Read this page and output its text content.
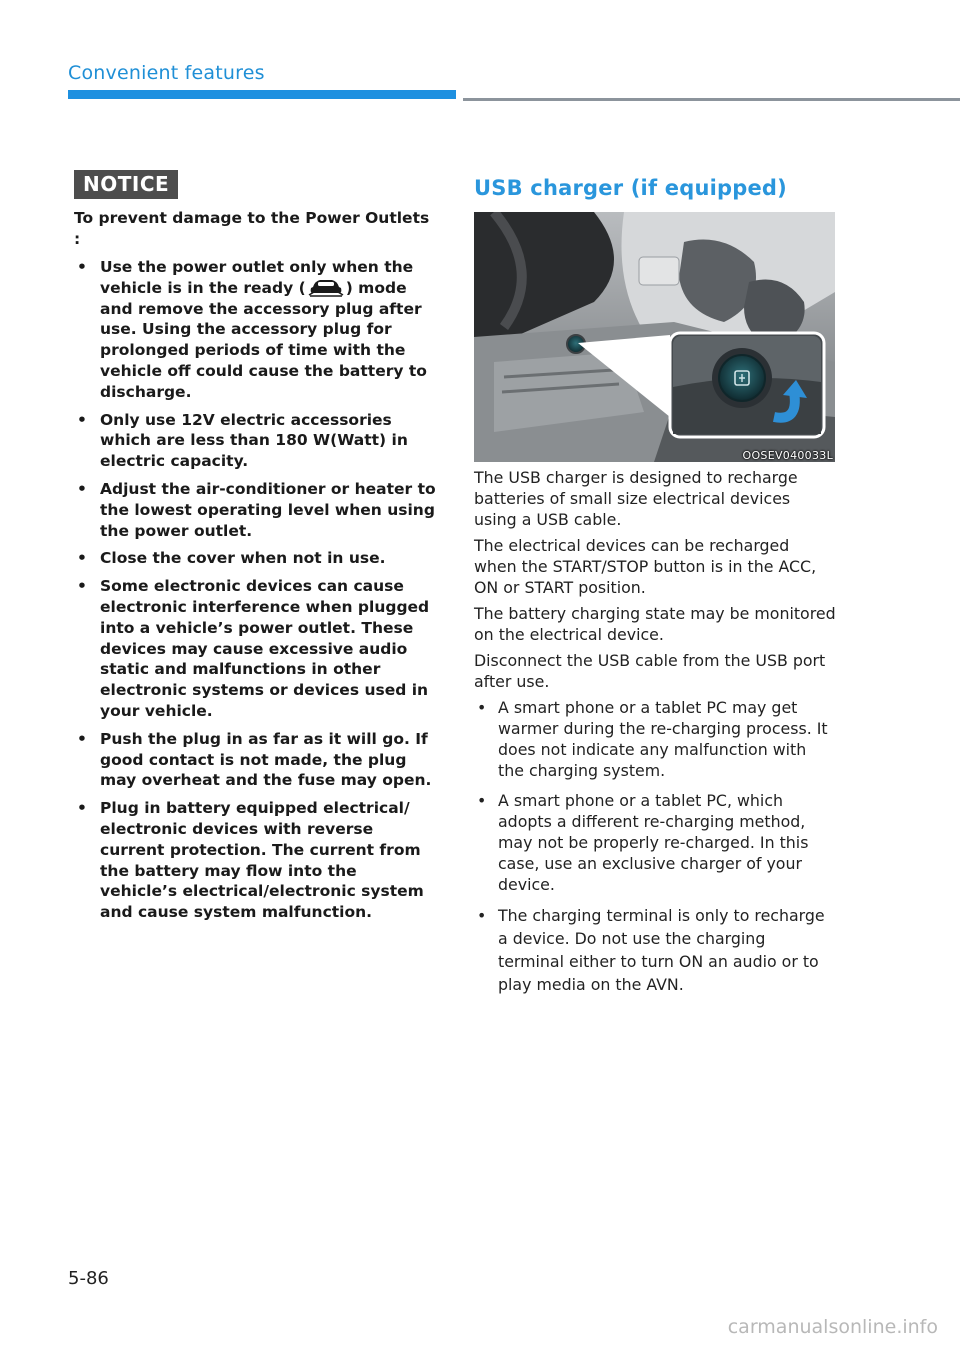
Convenient features
NOTICE
To prevent damage to the Power Outlets :
• Use the power outlet only when the vehicle is in the ready (	) mode and remove the accessory plug after use. Using the accessory plug for prolonged periods of time with the vehicle off could cause the battery to discharge.
• Only use 12V electric accessories which are less than 180 W(Watt) in electric capacity.
• Adjust the air-conditioner or heater to the lowest operating level when using the power outlet.
• Close the cover when not in use.
• Some electronic devices can cause electronic interference when plugged into a vehicle’s power outlet. These devices may cause excessive audio static and malfunctions in other electronic systems or devices used in your vehicle.
• Push the plug in as far as it will go. If good contact is not made, the plug may overheat and the fuse may open.
• Plug in battery equipped electrical/ electronic devices with reverse current protection. The current from the battery may flow into the vehicle’s electrical/electronic system and cause system malfunction.
USB charger (if equipped)
OOSEV040033L

The USB charger is designed to recharge batteries of small size electrical devices using a USB cable.

The electrical devices can be recharged when the START/STOP button is in the ACC, ON or START position.

The battery charging state may be monitored on the electrical device.

Disconnect the USB cable from the USB port after use.

• A smart phone or a tablet PC may get warmer during the re-charging process. It does not indicate any malfunction with the charging system.
• A smart phone or a tablet PC, which adopts a different re-charging method, may not be properly re-charged. In this case, use an exclusive charger of your device.
• The charging terminal is only to recharge a device. Do not use the charging terminal either to turn ON an audio or to play media on the AVN.
5-86
carmanualsonline.info
